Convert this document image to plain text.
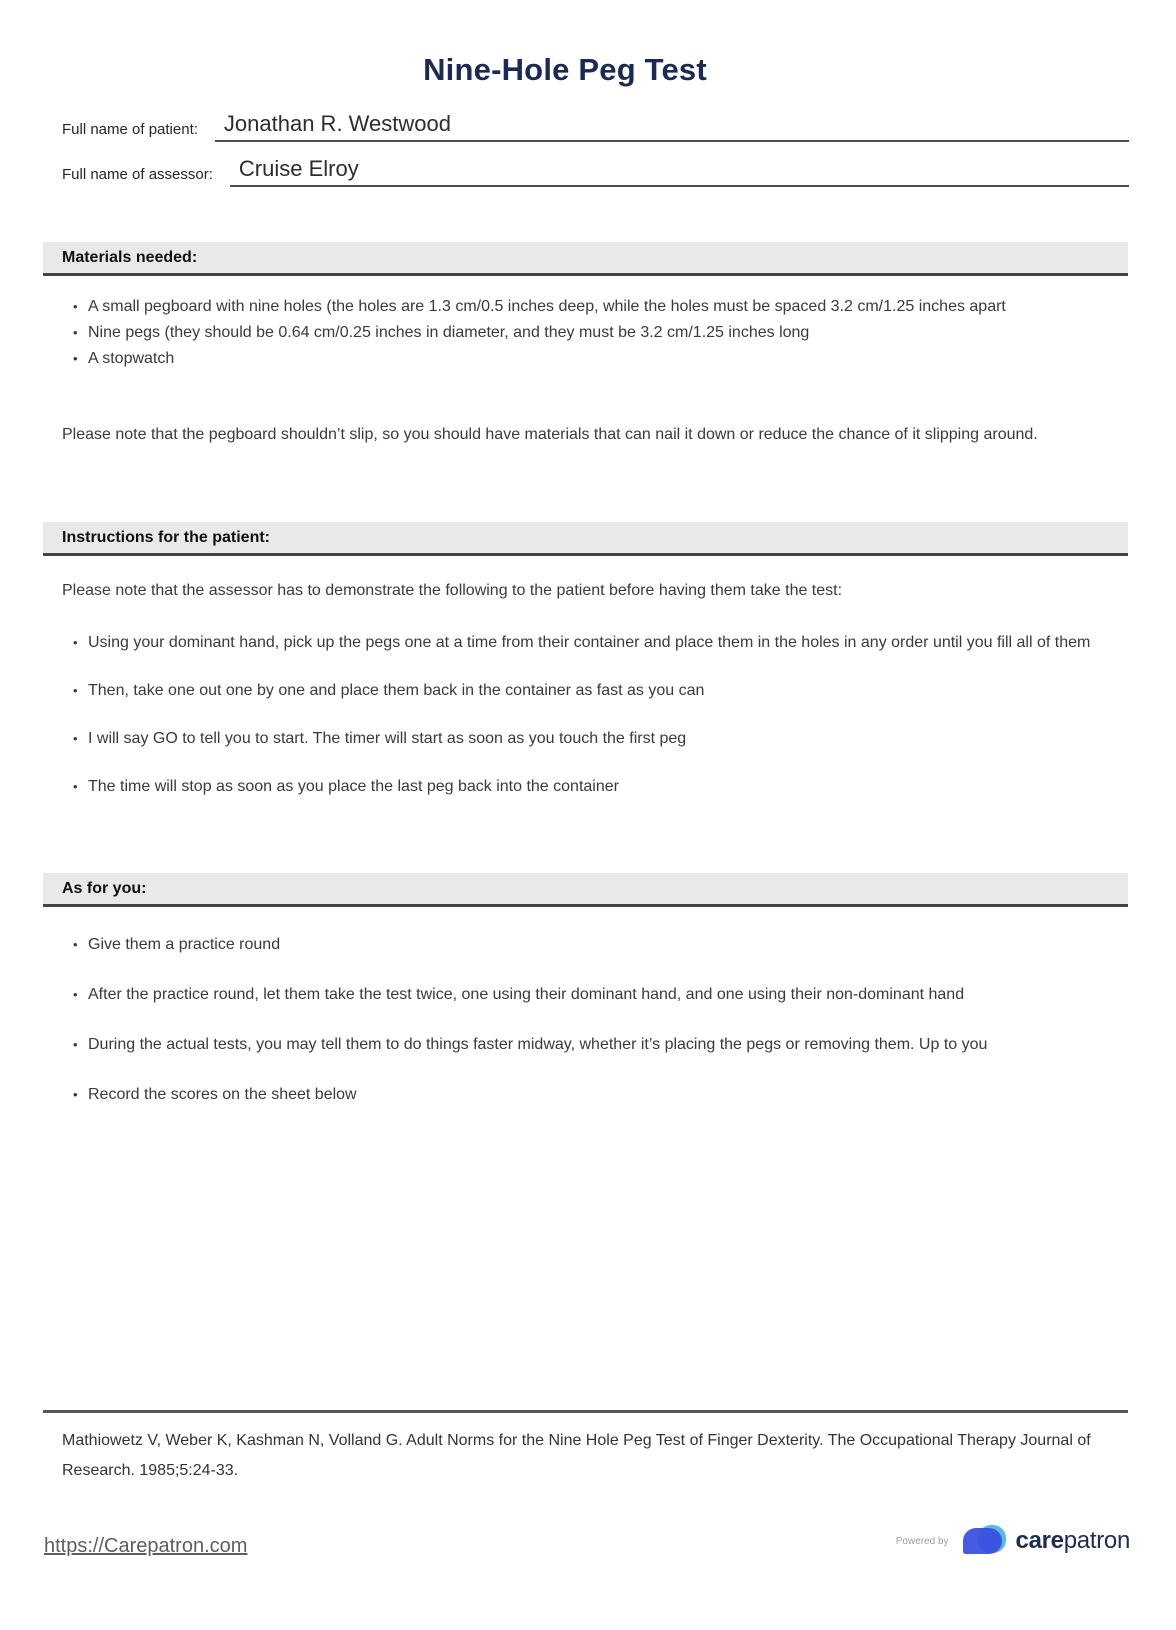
Nine-Hole Peg Test
Full name of patient:	Jonathan R. Westwood
Full name of assessor:	Cruise Elroy
Materials needed:
• A small pegboard with nine holes (the holes are 1.3 cm/0.5 inches deep, while the holes must be spaced 3.2 cm/1.25 inches apart
• Nine pegs (they should be 0.64 cm/0.25 inches in diameter, and they must be 3.2 cm/1.25 inches long
• A stopwatch

Please note that the pegboard shouldn’t slip, so you should have materials that can nail it down or reduce the chance of it slipping around.

Instructions for the patient:

Please note that the assessor has to demonstrate the following to the patient before having them take the test:

• Using your dominant hand, pick up the pegs one at a time from their container and place them in the holes in any order until you fill all of them
• Then, take one out one by one and place them back in the container as fast as you can
• I will say GO to tell you to start. The timer will start as soon as you touch the first peg
• The time will stop as soon as you place the last peg back into the container
As for you:
• Give them a practice round
• After the practice round, let them take the test twice, one using their dominant hand, and one using their non-dominant hand
• During the actual tests, you may tell them to do things faster midway, whether it’s placing the pegs or removing them. Up to you
• Record the scores on the sheet below

Mathiowetz V, Weber K, Kashman N, Volland G. Adult Norms for the Nine Hole Peg Test of Finger Dexterity. The Occupational Therapy Journal of Research. 1985;5:24-33.

https://Carepatron.com	Powered by	carepatron
